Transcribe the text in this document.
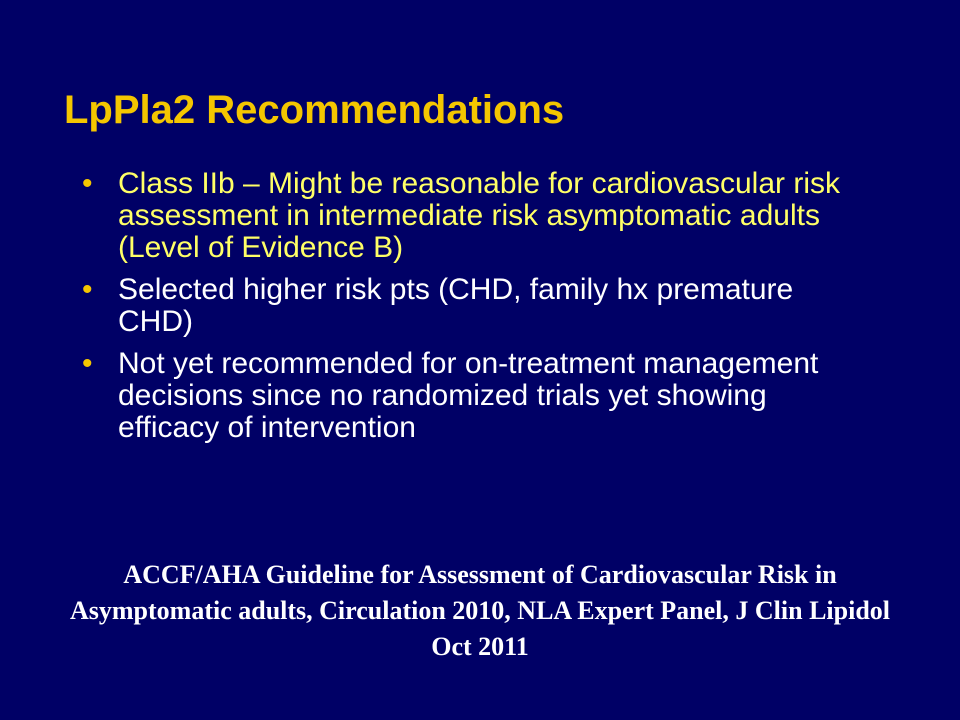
LpPla2 Recommendations
• Class IIb – Might be reasonable for cardiovascular risk assessment in intermediate risk asymptomatic adults (Level of Evidence B)
• Selected higher risk pts (CHD, family hx premature CHD)
• Not yet recommended for on-treatment management decisions since no randomized trials yet showing efficacy of intervention

ACCF/AHA Guideline for Assessment of Cardiovascular Risk in Asymptomatic adults, Circulation 2010, NLA Expert Panel, J Clin Lipidol Oct 2011
